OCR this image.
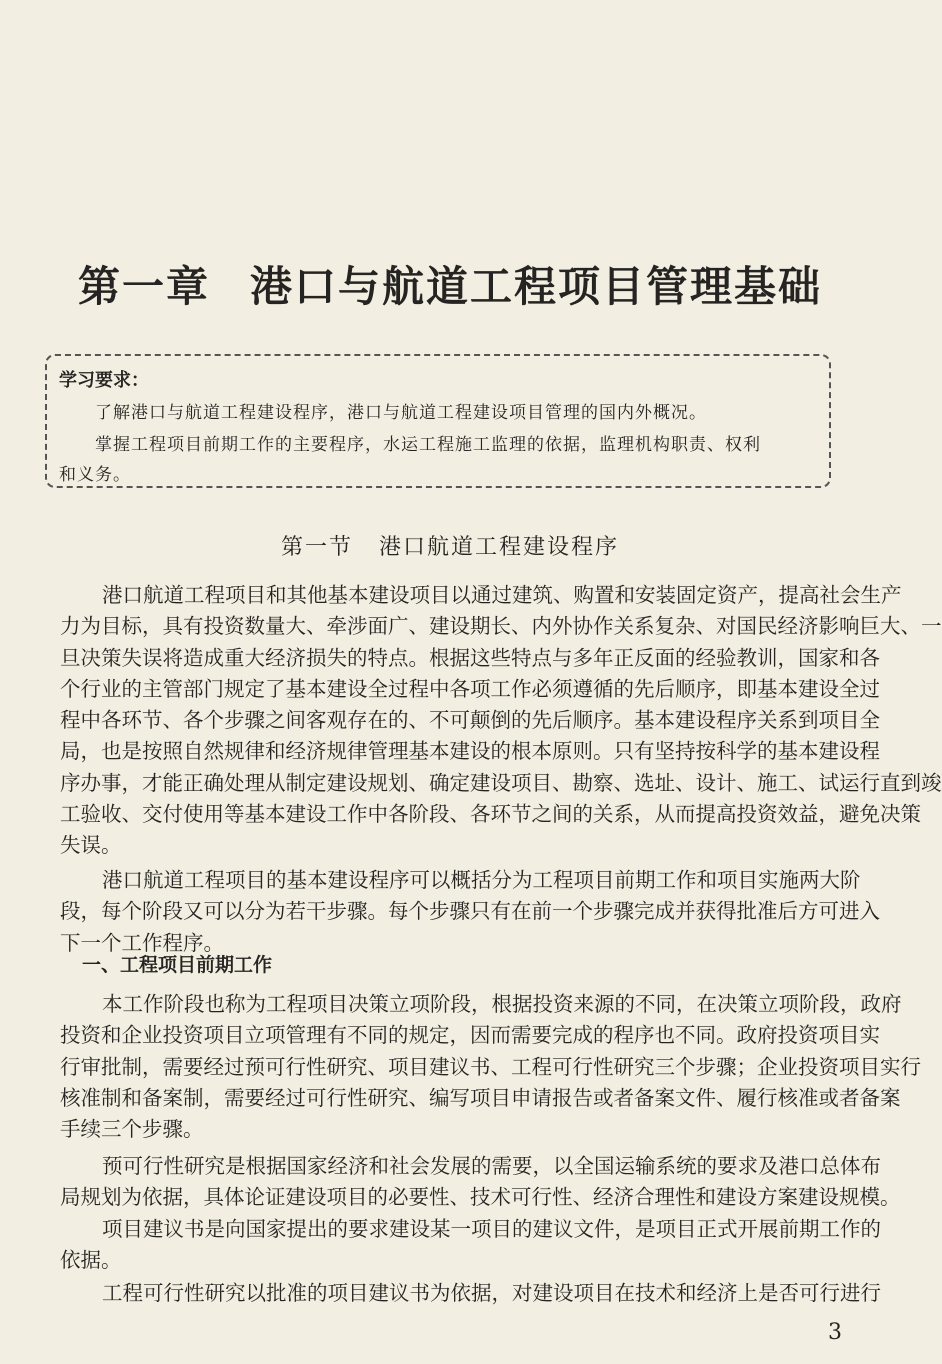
第一章 港口与航道工程项目管理基础
学习要求：
了解港口与航道工程建设程序，港口与航道工程建设项目管理的国内外概况。
掌握工程项目前期工作的主要程序，水运工程施工监理的依据，监理机构职责、权利
和义务。
第一节 港口航道工程建设程序
港口航道工程项目和其他基本建设项目以通过建筑、购置和安装固定资产，提高社会生产
力为目标，具有投资数量大、牵涉面广、建设期长、内外协作关系复杂、对国民经济影响巨大、一
旦决策失误将造成重大经济损失的特点。根据这些特点与多年正反面的经验教训，国家和各
个行业的主管部门规定了基本建设全过程中各项工作必须遵循的先后顺序，即基本建设全过
程中各环节、各个步骤之间客观存在的、不可颠倒的先后顺序。基本建设程序关系到项目全
局，也是按照自然规律和经济规律管理基本建设的根本原则。只有坚持按科学的基本建设程
序办事，才能正确处理从制定建设规划、确定建设项目、勘察、选址、设计、施工、试运行直到竣
工验收、交付使用等基本建设工作中各阶段、各环节之间的关系，从而提高投资效益，避免决策
失误。
港口航道工程项目的基本建设程序可以概括分为工程项目前期工作和项目实施两大阶
段，每个阶段又可以分为若干步骤。每个步骤只有在前一个步骤完成并获得批准后方可进入
下一个工作程序。
一、工程项目前期工作
本工作阶段也称为工程项目决策立项阶段，根据投资来源的不同，在决策立项阶段，政府
投资和企业投资项目立项管理有不同的规定，因而需要完成的程序也不同。政府投资项目实
行审批制，需要经过预可行性研究、项目建议书、工程可行性研究三个步骤；企业投资项目实行
核准制和备案制，需要经过可行性研究、编写项目申请报告或者备案文件、履行核准或者备案
手续三个步骤。
预可行性研究是根据国家经济和社会发展的需要，以全国运输系统的要求及港口总体布
局规划为依据，具体论证建设项目的必要性、技术可行性、经济合理性和建设方案建设规模。
项目建议书是向国家提出的要求建设某一项目的建议文件，是项目正式开展前期工作的
依据。
工程可行性研究以批准的项目建议书为依据，对建设项目在技术和经济上是否可行进行
3
